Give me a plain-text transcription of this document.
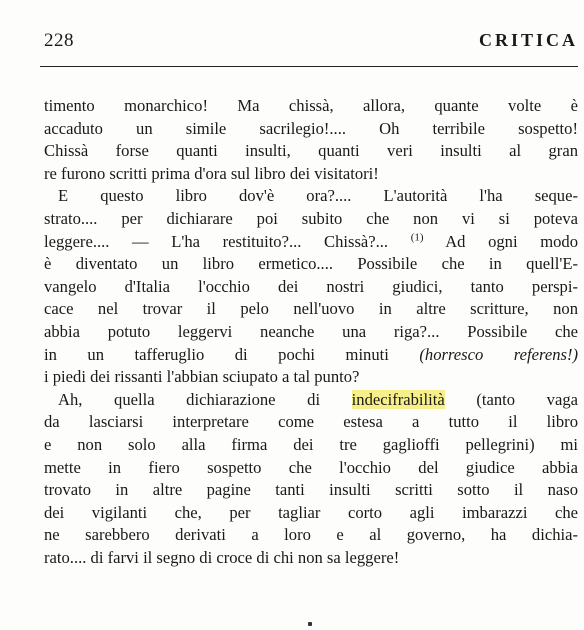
228	CRITICA
timento monarchico! Ma chissà, allora, quante volte è
accaduto un simile sacrilegio!.... Oh terribile sospetto!
Chissà forse quanti insulti, quanti veri insulti al gran
re furono scritti prima d'ora sul libro dei visitatori!
E questo libro dov'è ora?.... L'autorità l'ha seque-
strato.... per dichiarare poi subito che non vi si poteva
leggere.... — L'ha restituito?... Chissà?... $^{(1)}$ Ad ogni modo
è diventato un libro ermetico.... Possibile che in quell'E-
vangelo d'Italia l'occhio dei nostri giudici, tanto perspi-
cace nel trovar il pelo nell'uovo in altre scritture, non
abbia potuto leggervi neanche una riga?... Possibile che
in un tafferuglio di pochi minuti (horresco referens!)
i piedi dei rissanti l'abbian sciupato a tal punto?
Ah, quella dichiarazione di indecifrabilità (tanto vaga
da lasciarsi interpretare come estesa a tutto il libro
e non solo alla firma dei tre gaglioffi pellegrini) mi
mette in fiero sospetto che l'occhio del giudice abbia
trovato in altre pagine tanti insulti scritti sotto il naso
dei vigilanti che, per tagliar corto agli imbarazzi che
ne sarebbero derivati a loro e al governo, ha dichia-
rato.... di farvi il segno di croce di chi non sa leggere!
